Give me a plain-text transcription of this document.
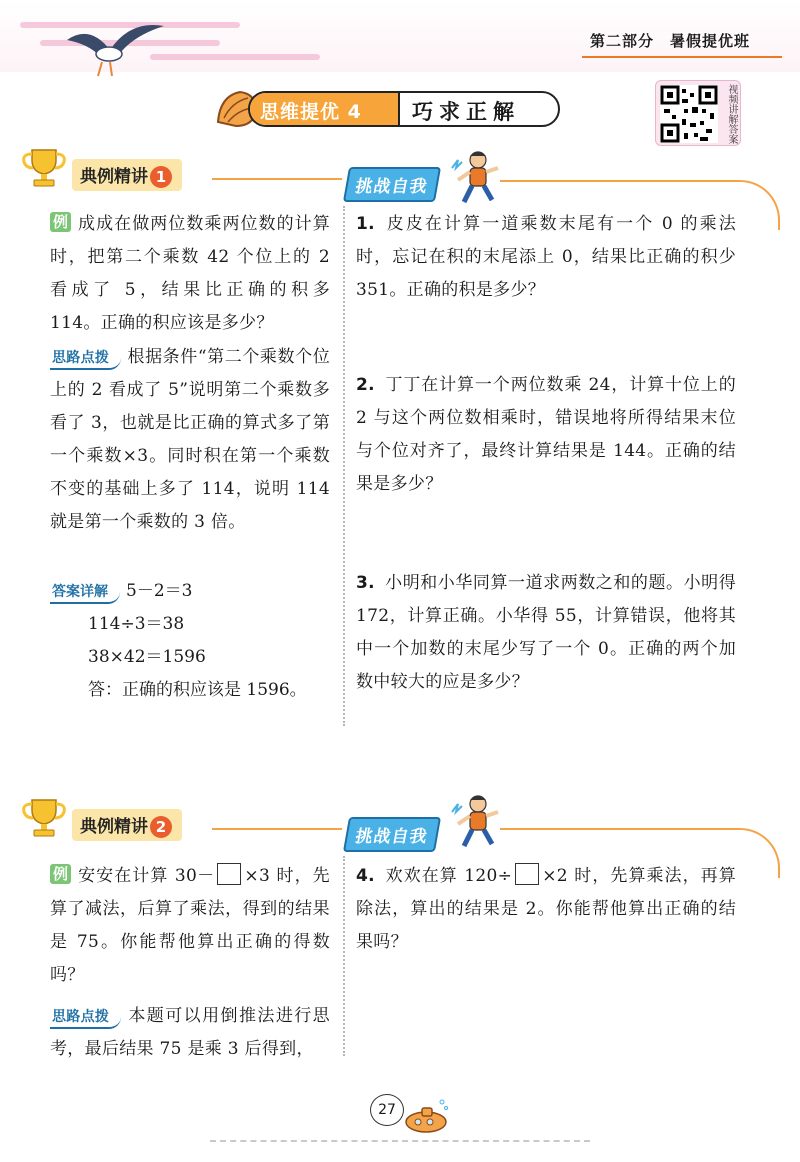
第二部分　暑假提优班
思维提优 4 巧求正解	视频讲解答案
典例精讲 1	挑战自我
例 成成在做两位数乘两位数的计算时，把第二个乘数 42 个位上的 2 看成了 5，结果比正确的积多 114。正确的积应该是多少？
思路点拨 根据条件“第二个乘数个位上的 2 看成了 5”说明第二个乘数多看了 3，也就是比正确的算式多了第一个乘数×3。同时积在第一个乘数不变的基础上多了 114，说明 114 就是第一个乘数的 3 倍。
答案详解 5－2＝3
114÷3＝38
38×42＝1596
答：正确的积应该是 1596。
1. 皮皮在计算一道乘数末尾有一个 0 的乘法时，忘记在积的末尾添上 0，结果比正确的积少 351。正确的积是多少？
2. 丁丁在计算一个两位数乘 24，计算十位上的 2 与这个两位数相乘时，错误地将所得结果末位与个位对齐了，最终计算结果是 144。正确的结果是多少？
3. 小明和小华同算一道求两数之和的题。小明得 172，计算正确。小华得 55，计算错误，他将其中一个加数的末尾少写了一个 0。正确的两个加数中较大的应是多少？
典例精讲 2	挑战自我
例 安安在计算 30－ ×3 时，先算了减法，后算了乘法，得到的结果是 75。你能帮他算出正确的得数吗？
思路点拨 本题可以用倒推法进行思考，最后结果 75 是乘 3 后得到，
4. 欢欢在算 120÷ ×2 时，先算乘法，再算除法，算出的结果是 2。你能帮他算出正确的结果吗？
27
